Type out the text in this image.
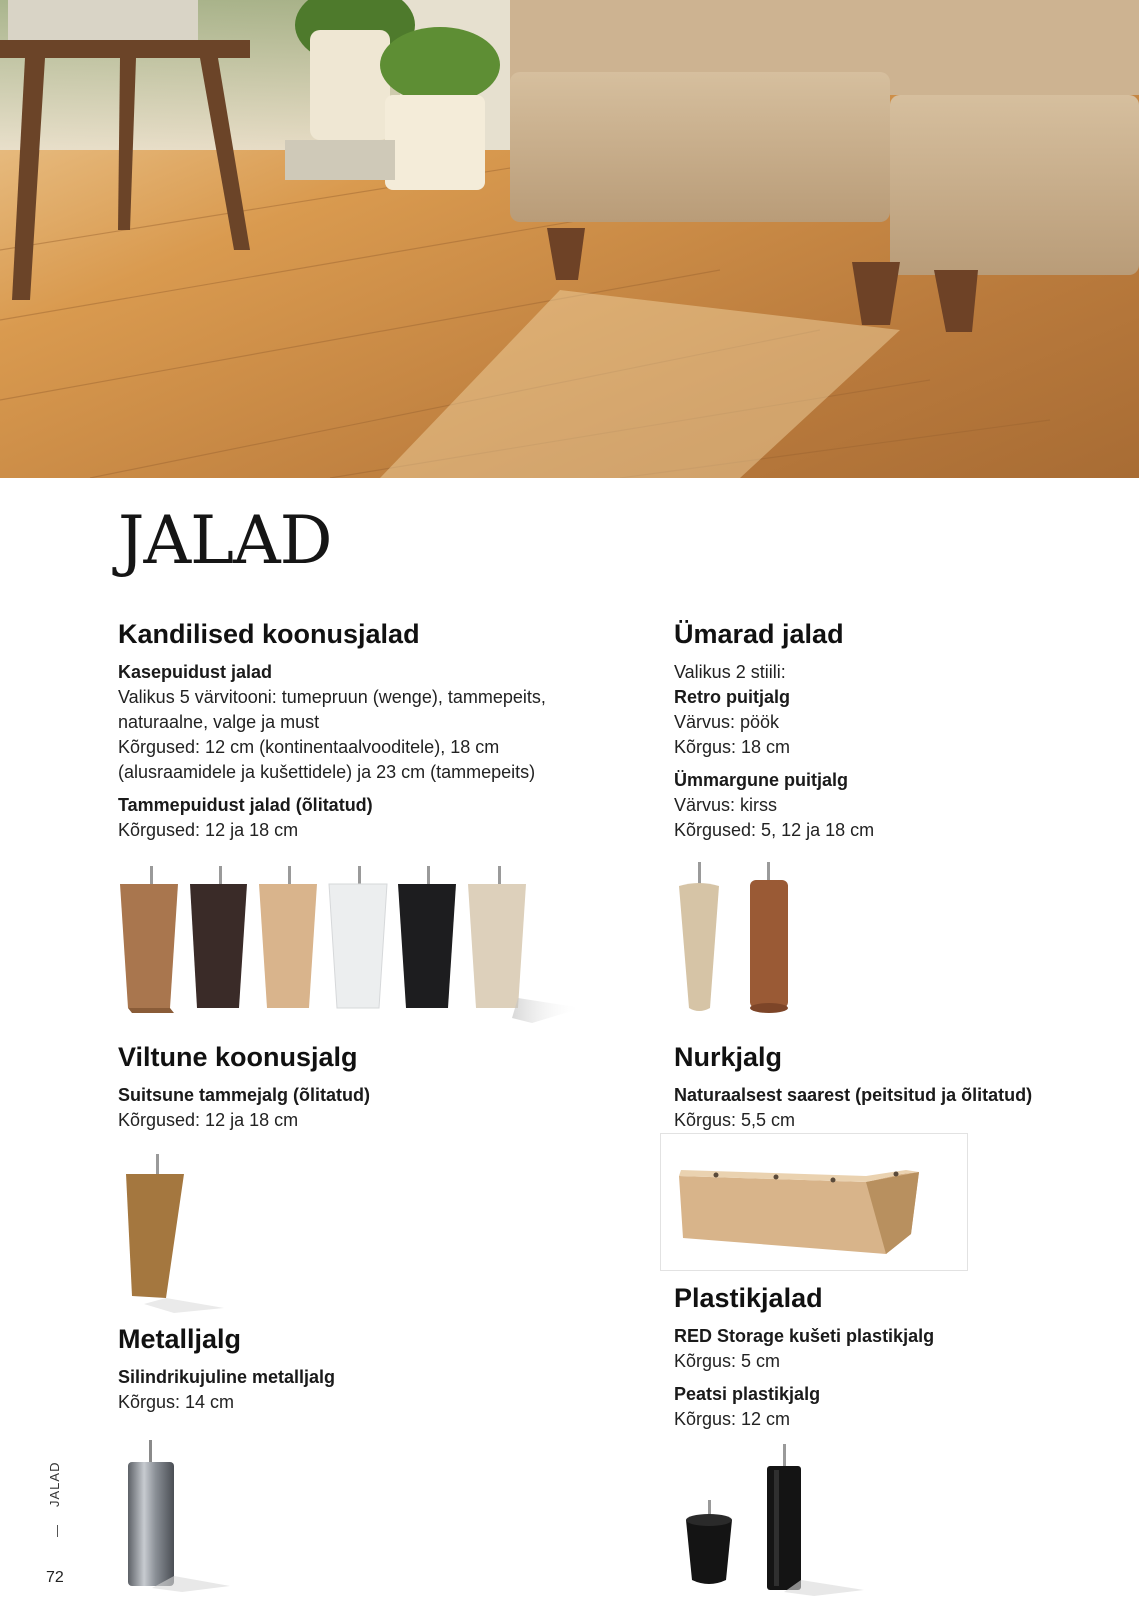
JALAD
Kandilised koonusjalad

Kasepuidust jalad

Valikus 5 värvitooni: tumepruun (wenge), tammepeits,

naturaalne, valge ja must

Kõrgused: 12 cm (kontinentaalvooditele), 18 cm

(alusraamidele ja kušettidele) ja 23 cm (tammepeits)

Tammepuidust jalad (õlitatud)

Kõrgused: 12 ja 18 cm

Ümarad jalad

Valikus 2 stiili:

Retro puitjalg

Värvus: pöök

Kõrgus: 18 cm

Ümmargune puitjalg

Värvus: kirss

Kõrgused: 5, 12 ja 18 cm

Viltune koonusjalg

Suitsune tammejalg (õlitatud)

Kõrgused: 12 ja 18 cm

Nurkjalg

Naturaalsest saarest (peitsitud ja õlitatud)

Kõrgus: 5,5 cm

Plastikjalad

RED Storage kušeti plastikjalg

Kõrgus: 5 cm

Peatsi plastikjalg

Kõrgus: 12 cm

Metalljalg

Silindrikujuline metalljalg

Kõrgus: 14 cm

JALAD
72
